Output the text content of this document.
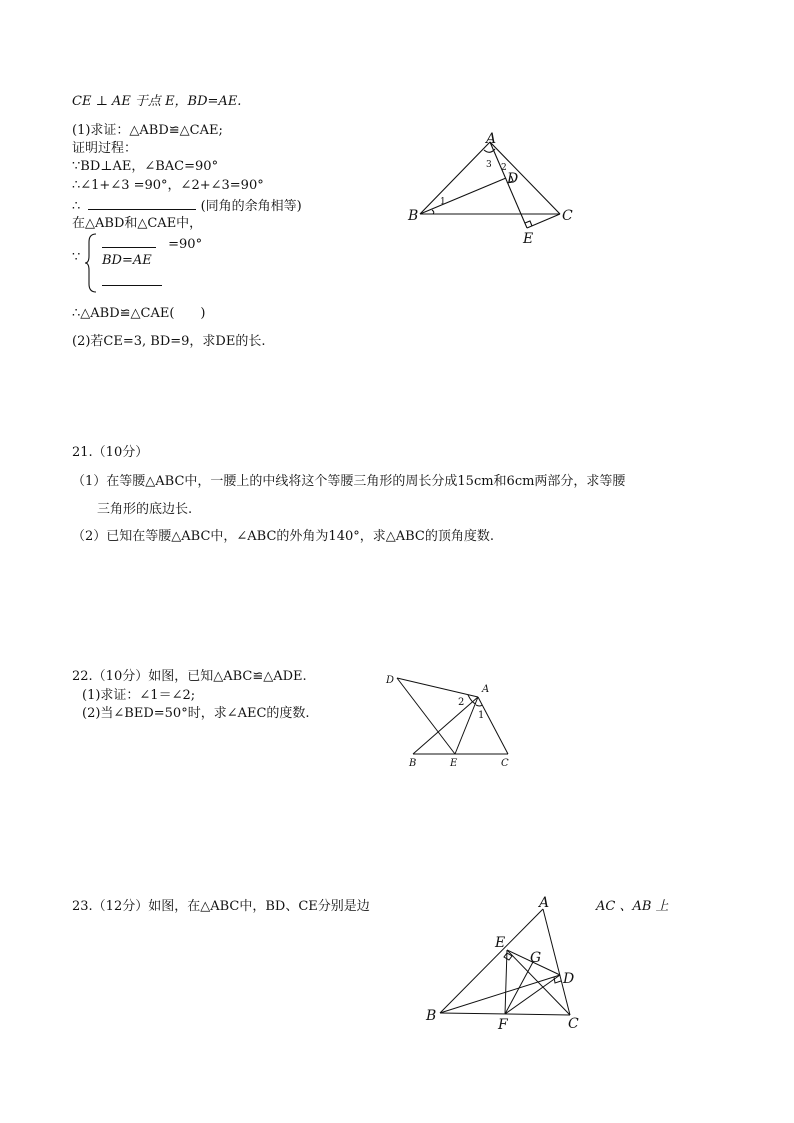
CE ⊥ AE 于点 E，BD=AE.
(1)求证：△ABD≌△CAE;
证明过程：
∵BD⊥AE，∠BAC=90°
∴∠1+∠3 =90°，∠2+∠3=90°
∴	(同角的余角相等)
在△ABD和△CAE中，
∵
=90°
BD=AE
∴△ABD≌△CAE(　　)
(2)若CE=3, BD=9，求DE的长.
A
B	C
D
E
1
2
3
21.（10分）
（1）在等腰△ABC中，一腰上的中线将这个等腰三角形的周长分成15cm和6cm两部分，求等腰
三角形的底边长.
（2）已知在等腰△ABC中，∠ABC的外角为140°，求△ABC的顶角度数.
22.（10分）如图，已知△ABC≌△ADE.
(1)求证：∠1＝∠2;
(2)当∠BED=50°时，求∠AEC的度数.
A
B	C
D
E
1
2
23.（12分）如图，在△ABC中，BD、CE分别是边	AC 、AB 上
A
B	C
D
E
F
G
